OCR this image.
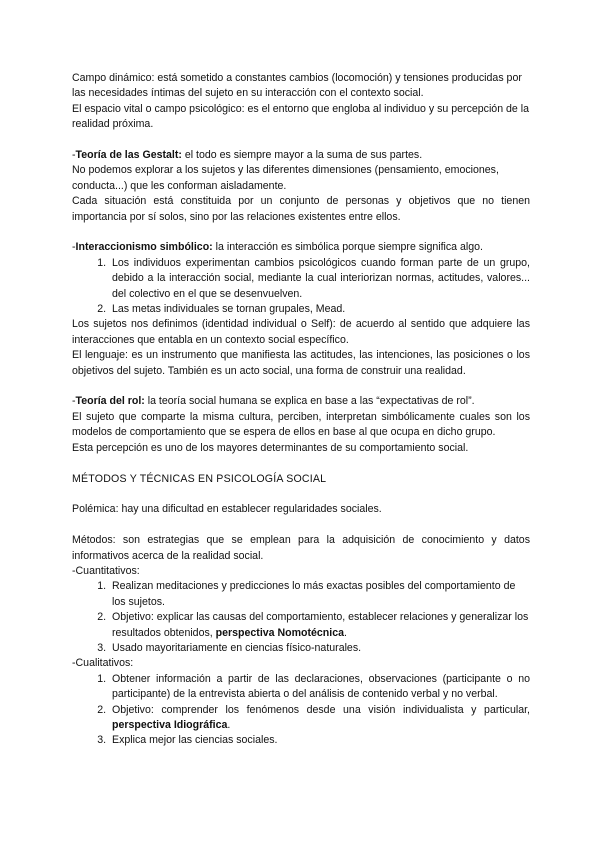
Campo dinámico: está sometido a constantes cambios (locomoción) y tensiones producidas por las necesidades íntimas del sujeto en su interacción con el contexto social.

El espacio vital o campo psicológico: es el entorno que engloba al individuo y su percepción de la realidad próxima.

-Teoría de las Gestalt: el todo es siempre mayor a la suma de sus partes.

No podemos explorar a los sujetos y las diferentes dimensiones (pensamiento, emociones, conducta...) que les conforman aisladamente.

Cada situación está constituida por un conjunto de personas y objetivos que no tienen importancia por sí solos, sino por las relaciones existentes entre ellos.

-Interaccionismo simbólico: la interacción es simbólica porque siempre significa algo.

1. Los individuos experimentan cambios psicológicos cuando forman parte de un grupo, debido a la interacción social, mediante la cual interiorizan normas, actitudes, valores... del colectivo en el que se desenvuelven.
2. Las metas individuales se tornan grupales, Mead.

Los sujetos nos definimos (identidad individual o Self): de acuerdo al sentido que adquiere las interacciones que entabla en un contexto social específico.

El lenguaje: es un instrumento que manifiesta las actitudes, las intenciones, las posiciones o los objetivos del sujeto. También es un acto social, una forma de construir una realidad.

-Teoría del rol: la teoría social humana se explica en base a las “expectativas de rol”.

El sujeto que comparte la misma cultura, perciben, interpretan simbólicamente cuales son los modelos de comportamiento que se espera de ellos en base al que ocupa en dicho grupo.

Esta percepción es uno de los mayores determinantes de su comportamiento social.

MÉTODOS Y TÉCNICAS EN PSICOLOGÍA SOCIAL

Polémica: hay una dificultad en establecer regularidades sociales.

Métodos: son estrategias que se emplean para la adquisición de conocimiento y datos informativos acerca de la realidad social.

-Cuantitativos:

1. Realizan meditaciones y predicciones lo más exactas posibles del comportamiento de los sujetos.
2. Objetivo: explicar las causas del comportamiento, establecer relaciones y generalizar los resultados obtenidos, perspectiva Nomotécnica.
3. Usado mayoritariamente en ciencias físico-naturales.

-Cualitativos:

1. Obtener información a partir de las declaraciones, observaciones (participante o no participante) de la entrevista abierta o del análisis de contenido verbal y no verbal.
2. Objetivo: comprender los fenómenos desde una visión individualista y particular, perspectiva Idiográfica.
3. Explica mejor las ciencias sociales.
